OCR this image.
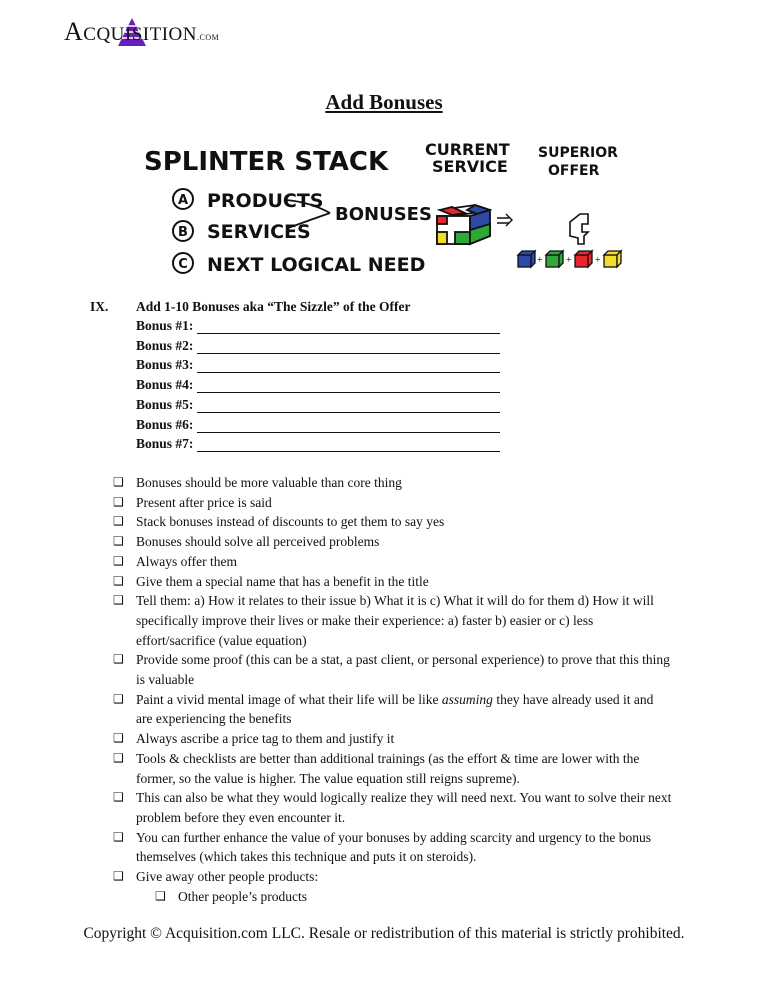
ACQUISITION.COM
Add Bonuses
SPLINTER STACK
A PRODUCTS
B SERVICES
C NEXT LOGICAL NEED
BONUSES
CURRENT
SERVICE
SUPERIOR
OFFER
+ + +
IX. Add 1-10 Bonuses aka “The Sizzle” of the Offer
Bonus #1:
Bonus #2:
Bonus #3:
Bonus #4:
Bonus #5:
Bonus #6:
Bonus #7:
❑ Bonuses should be more valuable than core thing
❑ Present after price is said
❑ Stack bonuses instead of discounts to get them to say yes
❑ Bonuses should solve all perceived problems
❑ Always offer them
❑ Give them a special name that has a benefit in the title
❑ Tell them: a) How it relates to their issue b) What it is c) What it will do for them d) How it will specifically improve their lives or make their experience: a) faster b) easier or c) less effort/sacrifice (value equation)
❑ Provide some proof (this can be a stat, a past client, or personal experience) to prove that this thing is valuable
❑ Paint a vivid mental image of what their life will be like assuming they have already used it and are experiencing the benefits
❑ Always ascribe a price tag to them and justify it
❑ Tools & checklists are better than additional trainings (as the effort & time are lower with the former, so the value is higher. The value equation still reigns supreme).
❑ This can also be what they would logically realize they will need next. You want to solve their next problem before they even encounter it.
❑ You can further enhance the value of your bonuses by adding scarcity and urgency to the bonus themselves (which takes this technique and puts it on steroids).
❑ Give away other people products:
❑ Other people’s products
Copyright © Acquisition.com LLC. Resale or redistribution of this material is strictly prohibited.
